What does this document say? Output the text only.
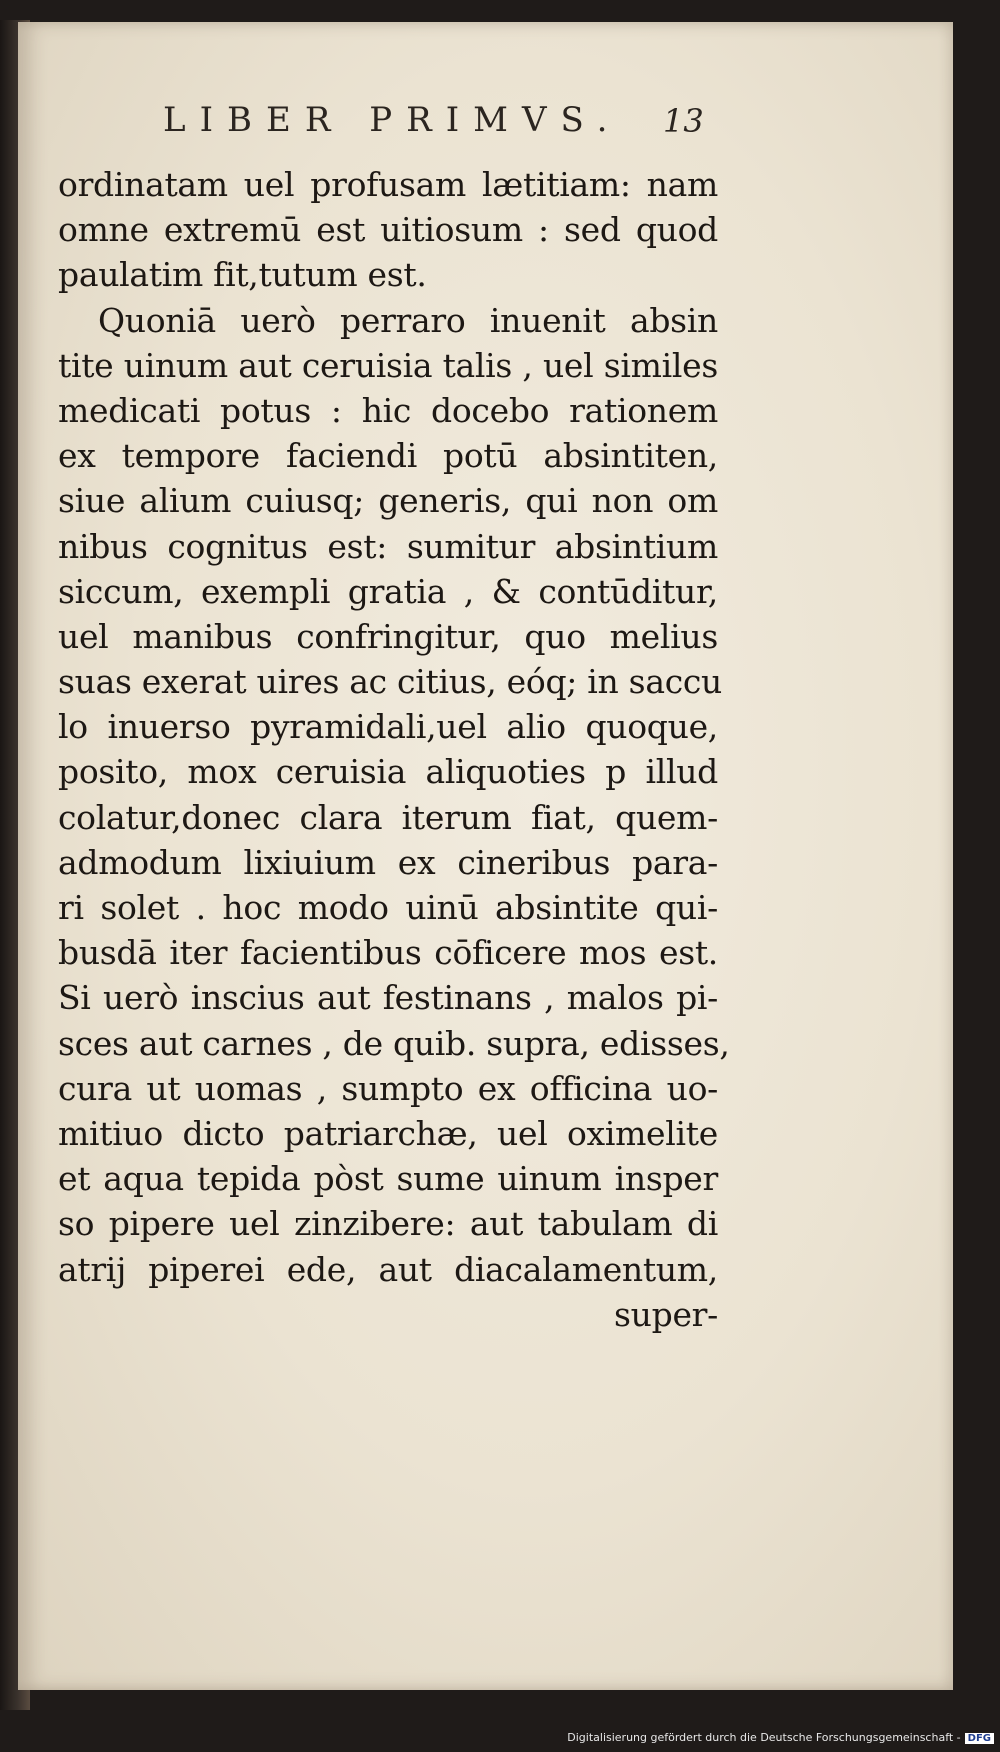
LIBER PRIMVS. 13
ordinatam uel profusam lætitiam: nam
omne extremū est uitiosum : sed quod
paulatim fit,tutum est.
Quoniā uerò perraro inuenit absin
tite uinum aut ceruisia talis , uel similes
medicati potus : hic docebo rationem
ex tempore faciendi potū absintiten,
siue alium cuiusq; generis, qui non om
nibus cognitus est: sumitur absintium
siccum, exempli gratia , & contūditur,
uel manibus confringitur, quo melius
suas exerat uires ac citius, eóq; in saccu
lo inuerso pyramidali,uel alio quoque,
posito, mox ceruisia aliquoties p illud
colatur,donec clara iterum fiat, quem-
admodum lixiuium ex cineribus para-
ri solet . hoc modo uinū absintite qui-
busdā iter facientibus cōficere mos est.
Si uerò inscius aut festinans , malos pi-
sces aut carnes , de quib. supra, edisses,
cura ut uomas , sumpto ex officina uo-
mitiuo dicto patriarchæ, uel oximelite
et aqua tepida pòst sume uinum insper
so pipere uel zinzibere: aut tabulam di
atrij piperei ede, aut diacalamentum,
super-
Digitalisierung gefördert durch die Deutsche Forschungsgemeinschaft - DFG
